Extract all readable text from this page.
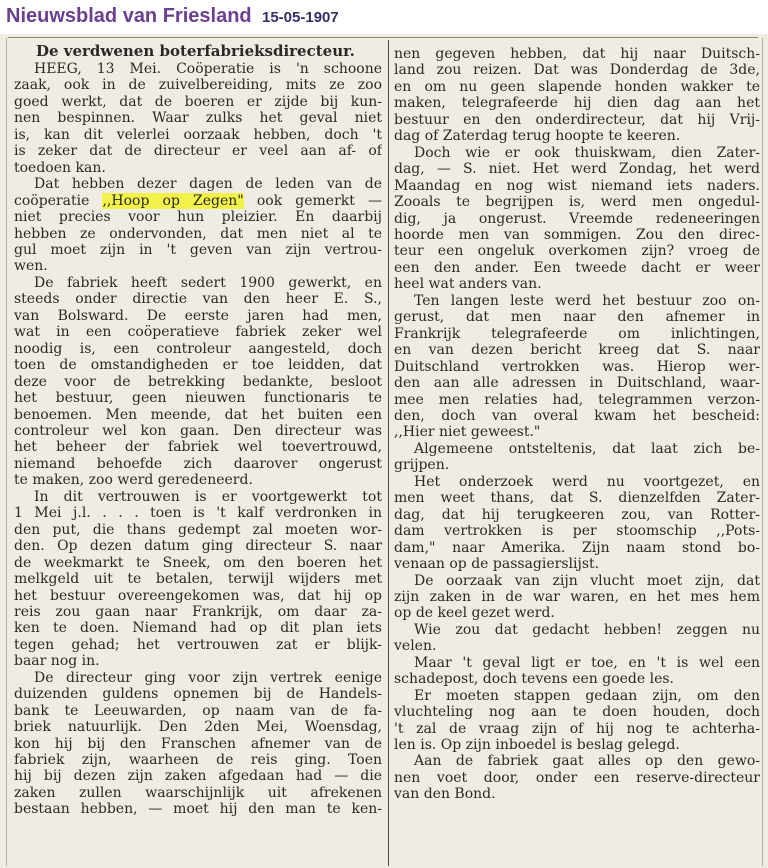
Nieuwsblad van Friesland 15-05-1907
De verdwenen boterfabrieksdirecteur.
HEEG, 13 Mei. Coöperatie is 'n schoone
zaak, ook in de zuivelbereiding, mits ze zoo
goed werkt, dat de boeren er zijde bij kun-
nen bespinnen. Waar zulks het geval niet
is, kan dit velerlei oorzaak hebben, doch 't
is zeker dat de directeur er veel aan af- of
toedoen kan.
Dat hebben dezer dagen de leden van de
coöperatie ,,Hoop op Zegen" ook gemerkt —
niet precies voor hun pleizier. En daarbij
hebben ze ondervonden, dat men niet al te
gul moet zijn in 't geven van zijn vertrou-
wen.
De fabriek heeft sedert 1900 gewerkt, en
steeds onder directie van den heer E. S.,
van Bolsward. De eerste jaren had men,
wat in een coöperatieve fabriek zeker wel
noodig is, een controleur aangesteld, doch
toen de omstandigheden er toe leidden, dat
deze voor de betrekking bedankte, besloot
het bestuur, geen nieuwen functionaris te
benoemen. Men meende, dat het buiten een
controleur wel kon gaan. Den directeur was
het beheer der fabriek wel toevertrouwd,
niemand behoefde zich daarover ongerust
te maken, zoo werd geredeneerd.
In dit vertrouwen is er voortgewerkt tot
1 Mei j.l. . . . toen is 't kalf verdronken in
den put, die thans gedempt zal moeten wor-
den. Op dezen datum ging directeur S. naar
de weekmarkt te Sneek, om den boeren het
melkgeld uit te betalen, terwijl wijders met
het bestuur overeengekomen was, dat hij op
reis zou gaan naar Frankrijk, om daar za-
ken te doen. Niemand had op dit plan iets
tegen gehad; het vertrouwen zat er blijk-
baar nog in.
De directeur ging voor zijn vertrek eenige
duizenden guldens opnemen bij de Handels-
bank te Leeuwarden, op naam van de fa-
briek natuurlijk. Den 2den Mei, Woensdag,
kon hij bij den Franschen afnemer van de
fabriek zijn, waarheen de reis ging. Toen
hij bij dezen zijn zaken afgedaan had — die
zaken zullen waarschijnlijk uit afrekenen
bestaan hebben, — moet hij den man te ken-
nen gegeven hebben, dat hij naar Duitsch-
land zou reizen. Dat was Donderdag de 3de,
en om nu geen slapende honden wakker te
maken, telegrafeerde hij dien dag aan het
bestuur en den onderdirecteur, dat hij Vrij-
dag of Zaterdag terug hoopte te keeren.
Doch wie er ook thuiskwam, dien Zater-
dag, — S. niet. Het werd Zondag, het werd
Maandag en nog wist niemand iets naders.
Zooals te begrijpen is, werd men ongedul-
dig, ja ongerust. Vreemde redeneeringen
hoorde men van sommigen. Zou den direc-
teur een ongeluk overkomen zijn? vroeg de
een den ander. Een tweede dacht er weer
heel wat anders van.
Ten langen leste werd het bestuur zoo on-
gerust, dat men naar den afnemer in
Frankrijk telegrafeerde om inlichtingen,
en van dezen bericht kreeg dat S. naar
Duitschland vertrokken was. Hierop wer-
den aan alle adressen in Duitschland, waar-
mee men relaties had, telegrammen verzon-
den, doch van overal kwam het bescheid:
,,Hier niet geweest."
Algemeene ontsteltenis, dat laat zich be-
grijpen.
Het onderzoek werd nu voortgezet, en
men weet thans, dat S. dienzelfden Zater-
dag, dat hij terugkeeren zou, van Rotter-
dam vertrokken is per stoomschip ,,Pots-
dam," naar Amerika. Zijn naam stond bo-
venaan op de passagierslijst.
De oorzaak van zijn vlucht moet zijn, dat
zijn zaken in de war waren, en het mes hem
op de keel gezet werd.
Wie zou dat gedacht hebben! zeggen nu
velen.
Maar 't geval ligt er toe, en 't is wel een
schadepost, doch tevens een goede les.
Er moeten stappen gedaan zijn, om den
vluchteling nog aan te doen houden, doch
't zal de vraag zijn of hij nog te achterha-
len is. Op zijn inboedel is beslag gelegd.
Aan de fabriek gaat alles op den gewo-
nen voet door, onder een reserve-directeur
van den Bond.
